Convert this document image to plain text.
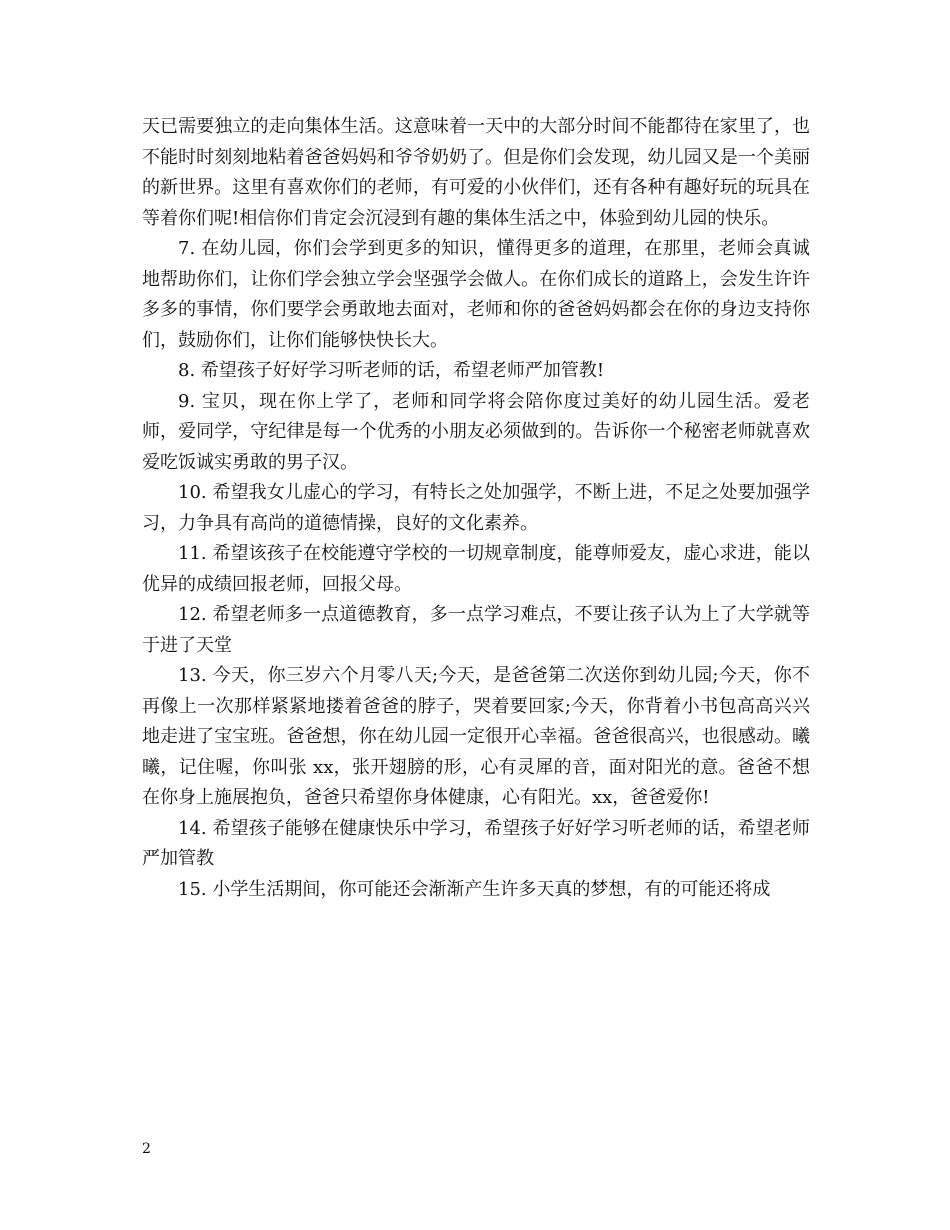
天已需要独立的走向集体生活。这意味着一天中的大部分时间不能都待在家里了，也不能时时刻刻地粘着爸爸妈妈和爷爷奶奶了。但是你们会发现，幼儿园又是一个美丽的新世界。这里有喜欢你们的老师，有可爱的小伙伴们，还有各种有趣好玩的玩具在等着你们呢!相信你们肯定会沉浸到有趣的集体生活之中，体验到幼儿园的快乐。

7. 在幼儿园，你们会学到更多的知识，懂得更多的道理，在那里，老师会真诚地帮助你们，让你们学会独立学会坚强学会做人。在你们成长的道路上，会发生许许多多的事情，你们要学会勇敢地去面对，老师和你的爸爸妈妈都会在你的身边支持你们，鼓励你们，让你们能够快快长大。

8. 希望孩子好好学习听老师的话，希望老师严加管教!

9. 宝贝，现在你上学了，老师和同学将会陪你度过美好的幼儿园生活。爱老师，爱同学，守纪律是每一个优秀的小朋友必须做到的。告诉你一个秘密老师就喜欢爱吃饭诚实勇敢的男子汉。

10. 希望我女儿虚心的学习，有特长之处加强学，不断上进，不足之处要加强学习，力争具有高尚的道德情操，良好的文化素养。

11. 希望该孩子在校能遵守学校的一切规章制度，能尊师爱友，虚心求进，能以优异的成绩回报老师，回报父母。

12. 希望老师多一点道德教育，多一点学习难点，不要让孩子认为上了大学就等于进了天堂

13. 今天，你三岁六个月零八天;今天，是爸爸第二次送你到幼儿园;今天，你不再像上一次那样紧紧地搂着爸爸的脖子，哭着要回家;今天，你背着小书包高高兴兴地走进了宝宝班。爸爸想，你在幼儿园一定很开心幸福。爸爸很高兴，也很感动。曦曦，记住喔，你叫张 xx，张开翅膀的形，心有灵犀的音，面对阳光的意。爸爸不想在你身上施展抱负，爸爸只希望你身体健康，心有阳光。xx，爸爸爱你!

14. 希望孩子能够在健康快乐中学习，希望孩子好好学习听老师的话，希望老师严加管教

15. 小学生活期间，你可能还会渐渐产生许多天真的梦想，有的可能还将成

2
